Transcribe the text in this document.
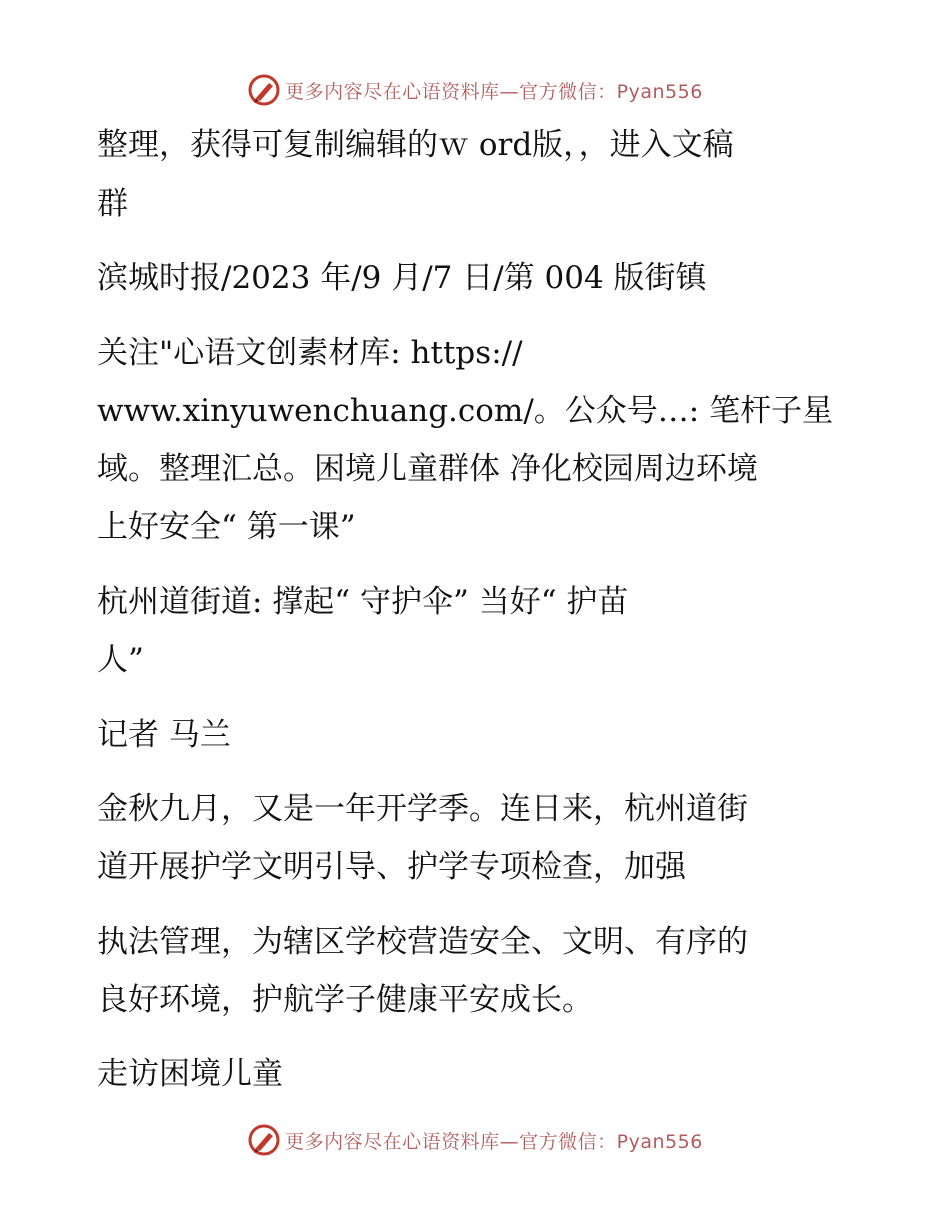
更多内容尽在心语资料库—官方微信：Pyan556
整理，获得可复制编辑的ｗ ord版，，进入文稿
群
滨城时报/2023 年/9 月/7 日/第 004 版街镇
关注"心语文创素材库: https://
www.xinyuwenchuang.com/。公众号…: 笔杆子星
域。整理汇总。困境儿童群体 净化校园周边环境
上好安全“ 第一课”
杭州道街道: 撑起“ 守护伞” 当好“ 护苗
人”
记者 马兰
金秋九月，又是一年开学季。连日来，杭州道街
道开展护学文明引导、护学专项检查，加强
执法管理，为辖区学校营造安全、文明、有序的
良好环境，护航学子健康平安成长。
走访困境儿童
更多内容尽在心语资料库—官方微信：Pyan556
